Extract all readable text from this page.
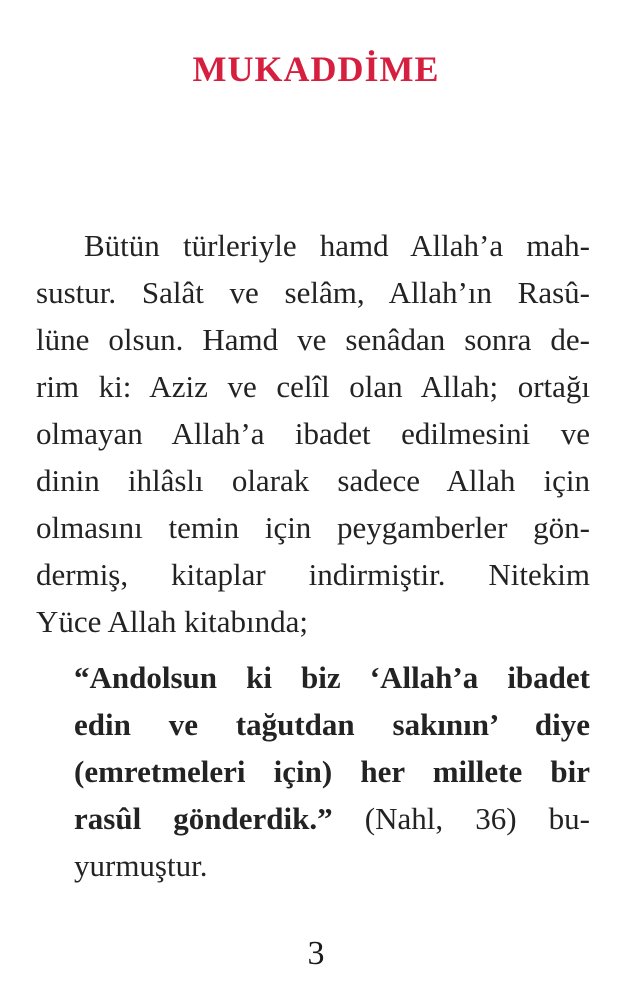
MUKADDİME
Bütün türleriyle hamd Allah’a mah-
sustur. Salât ve selâm, Allah’ın Rasû-
lüne olsun. Hamd ve senâdan sonra de-
rim ki: Aziz ve celîl olan Allah; ortağı
olmayan Allah’a ibadet edilmesini ve
dinin ihlâslı olarak sadece Allah için
olmasını temin için peygamberler gön-
dermiş, kitaplar indirmiştir. Nitekim
Yüce Allah kitabında;
“Andolsun ki biz ‘Allah’a ibadet
edin ve tağutdan sakının’ diye
(emretmeleri için) her millete bir
rasûl gönderdik.” (Nahl, 36) bu-
yurmuştur.
3
